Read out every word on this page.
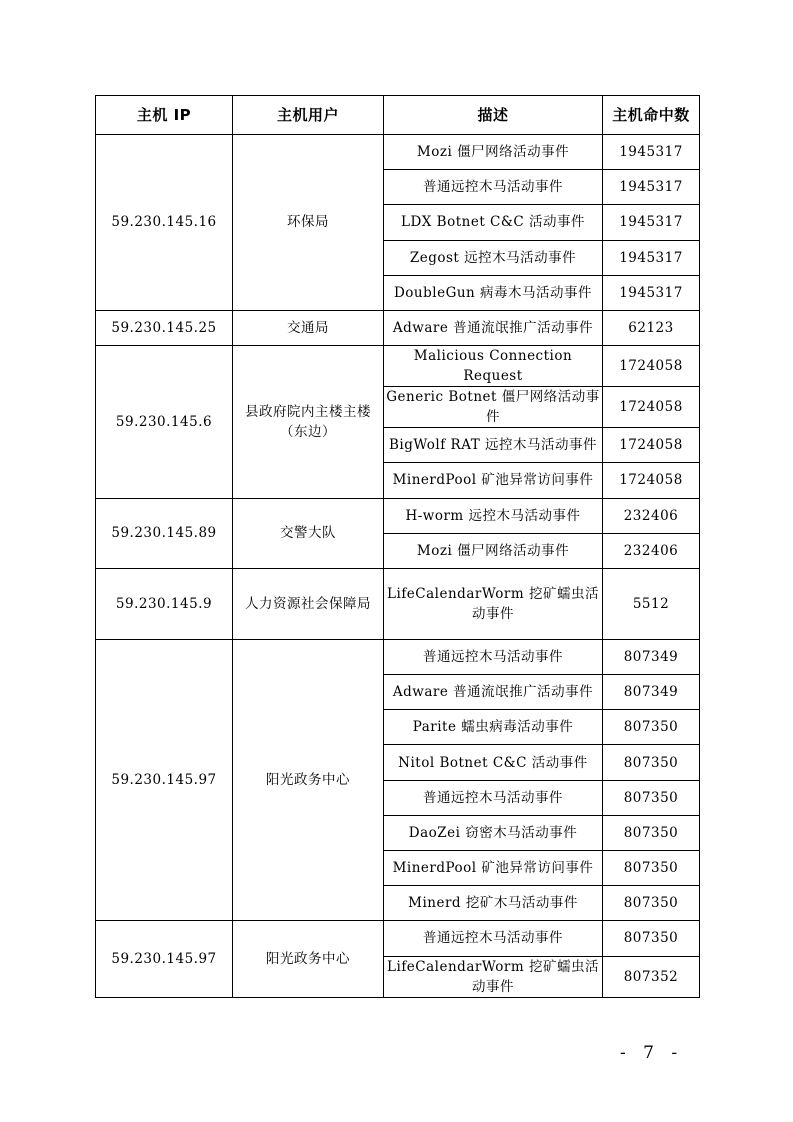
主机 IP	主机用户	描述	主机命中数
59.230.145.16	环保局	Mozi 僵尸网络活动事件	1945317
		普通远控木马活动事件	1945317
		LDX Botnet C&C 活动事件	1945317
		Zegost 远控木马活动事件	1945317
		DoubleGun 病毒木马活动事件	1945317
59.230.145.25	交通局	Adware 普通流氓推广活动事件	62123
59.230.145.6	县政府院内主楼主楼（东边）	Malicious Connection Request	1724058
		Generic Botnet 僵尸网络活动事件	1724058
		BigWolf RAT 远控木马活动事件	1724058
		MinerdPool 矿池异常访问事件	1724058
59.230.145.89	交警大队	H-worm 远控木马活动事件	232406
		Mozi 僵尸网络活动事件	232406
59.230.145.9	人力资源社会保障局	LifeCalendarWorm 挖矿蠕虫活动事件	5512
59.230.145.97	阳光政务中心	普通远控木马活动事件	807349
		Adware 普通流氓推广活动事件	807349
		Parite 蠕虫病毒活动事件	807350
		Nitol Botnet C&C 活动事件	807350
		普通远控木马活动事件	807350
		DaoZei 窃密木马活动事件	807350
		MinerdPool 矿池异常访问事件	807350
		Minerd 挖矿木马活动事件	807350
59.230.145.97	阳光政务中心	普通远控木马活动事件	807350
		LifeCalendarWorm 挖矿蠕虫活动事件	807352
- 7 -
